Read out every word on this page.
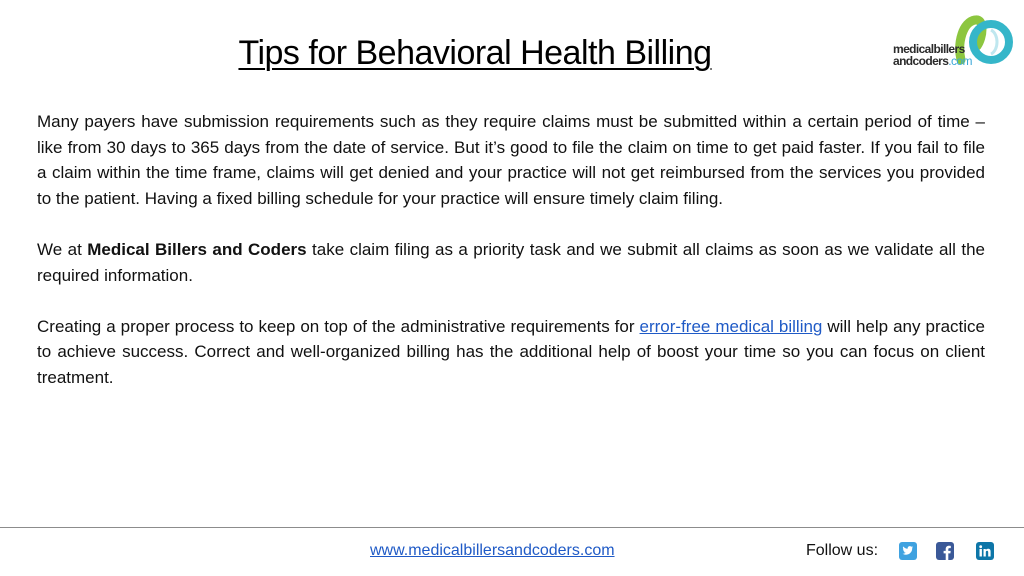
Tips for Behavioral Health Billing	medicalbillers
andcoders.com

Many payers have submission requirements such as they require claims must be submitted within a certain period of time – like from 30 days to 365 days from the date of service. But it’s good to file the claim on time to get paid faster. If you fail to file a claim within the time frame, claims will get denied and your practice will not get reimbursed from the services you provided to the patient. Having a fixed billing schedule for your practice will ensure timely claim filing.

We at Medical Billers and Coders take claim filing as a priority task and we submit all claims as soon as we validate all the required information.

Creating a proper process to keep on top of the administrative requirements for error-free medical billing will help any practice to achieve success. Correct and well-organized billing has the additional help of boost your time so you can focus on client treatment.

www.medicalbillersandcoders.com	Follow us:
